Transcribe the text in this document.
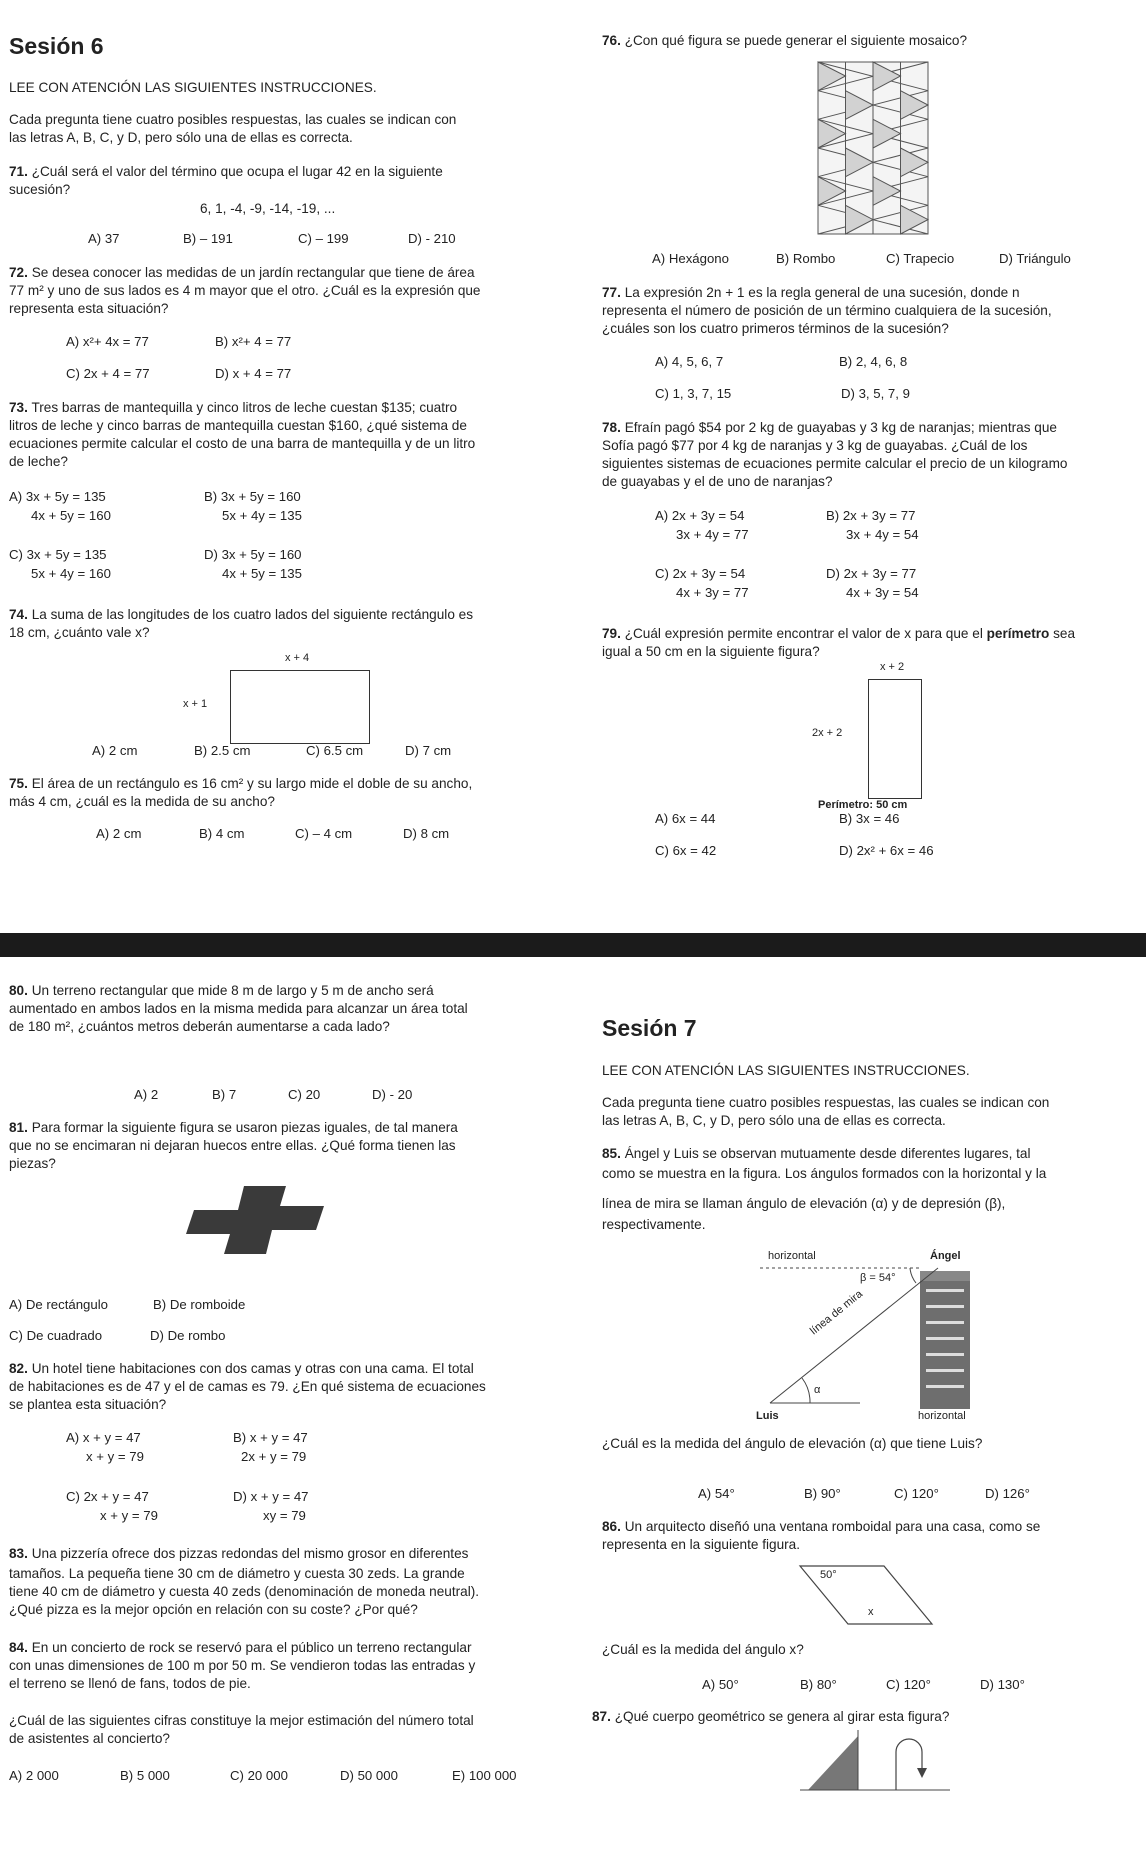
Sesión 6
LEE CON ATENCIÓN LAS SIGUIENTES INSTRUCCIONES.
Cada pregunta tiene cuatro posibles respuestas, las cuales se indican con
las letras A, B, C, y D, pero sólo una de ellas es correcta.
71. ¿Cuál será el valor del término que ocupa el lugar 42 en la siguiente
sucesión?
6, 1, -4, -9, -14, -19, ...
A) 37	B) – 191	C) – 199	D) - 210
72. Se desea conocer las medidas de un jardín rectangular que tiene de área
77 m² y uno de sus lados es 4 m mayor que el otro. ¿Cuál es la expresión que
representa esta situación?
A) x²+ 4x = 77	B) x²+ 4 = 77
C) 2x + 4 = 77	D) x + 4 = 77
73. Tres barras de mantequilla y cinco litros de leche cuestan $135; cuatro
litros de leche y cinco barras de mantequilla cuestan $160, ¿qué sistema de
ecuaciones permite calcular el costo de una barra de mantequilla y de un litro
de leche?
A) 3x + 5y = 135
4x + 5y = 160
B) 3x + 5y = 160
5x + 4y = 135
C) 3x + 5y = 135
5x + 4y = 160
D) 3x + 5y = 160
4x + 5y = 135
74. La suma de las longitudes de los cuatro lados del siguiente rectángulo es
18 cm, ¿cuánto vale x?
x + 4
x + 1
A) 2 cm	B) 2.5 cm	C) 6.5 cm	D) 7 cm
75. El área de un rectángulo es 16 cm² y su largo mide el doble de su ancho,
más 4 cm, ¿cuál es la medida de su ancho?
A) 2 cm	B) 4 cm	C) – 4 cm	D) 8 cm
76. ¿Con qué figura se puede generar el siguiente mosaico?
A) Hexágono	B) Rombo	C) Trapecio	D) Triángulo
77. La expresión 2n + 1 es la regla general de una sucesión, donde n
representa el número de posición de un término cualquiera de la sucesión,
¿cuáles son los cuatro primeros términos de la sucesión?
A) 4, 5, 6, 7	B) 2, 4, 6, 8
C) 1, 3, 7, 15	D) 3, 5, 7, 9
78. Efraín pagó $54 por 2 kg de guayabas y 3 kg de naranjas; mientras que
Sofía pagó $77 por 4 kg de naranjas y 3 kg de guayabas. ¿Cuál de los
siguientes sistemas de ecuaciones permite calcular el precio de un kilogramo
de guayabas y el de uno de naranjas?
A) 2x + 3y = 54
3x + 4y = 77
B) 2x + 3y = 77
3x + 4y = 54
C) 2x + 3y = 54
4x + 3y = 77
D) 2x + 3y = 77
4x + 3y = 54
79. ¿Cuál expresión permite encontrar el valor de x para que el perímetro sea
igual a 50 cm en la siguiente figura?
x + 2
2x + 2
Perímetro: 50 cm
A) 6x = 44	B) 3x = 46
C) 6x = 42	D) 2x² + 6x = 46
80. Un terreno rectangular que mide 8 m de largo y 5 m de ancho será
aumentado en ambos lados en la misma medida para alcanzar un área total
de 180 m², ¿cuántos metros deberán aumentarse a cada lado?
A) 2	B) 7	C) 20	D) - 20
81. Para formar la siguiente figura se usaron piezas iguales, de tal manera
que no se encimaran ni dejaran huecos entre ellas. ¿Qué forma tienen las
piezas?
A) De rectángulo	B) De romboide
C) De cuadrado	D) De rombo
82. Un hotel tiene habitaciones con dos camas y otras con una cama. El total
de habitaciones es de 47 y el de camas es 79. ¿En qué sistema de ecuaciones
se plantea esta situación?
A) x + y = 47
x + y = 79
B) x + y = 47
2x + y = 79
C) 2x + y = 47
x + y = 79
D) x + y = 47
xy = 79
83. Una pizzería ofrece dos pizzas redondas del mismo grosor en diferentes
tamaños. La pequeña tiene 30 cm de diámetro y cuesta 30 zeds. La grande
tiene 40 cm de diámetro y cuesta 40 zeds (denominación de moneda neutral).
¿Qué pizza es la mejor opción en relación con su coste? ¿Por qué?
84. En un concierto de rock se reservó para el público un terreno rectangular
con unas dimensiones de 100 m por 50 m. Se vendieron todas las entradas y
el terreno se llenó de fans, todos de pie.
¿Cuál de las siguientes cifras constituye la mejor estimación del número total
de asistentes al concierto?
A) 2 000	B) 5 000	C) 20 000	D) 50 000	E) 100 000
Sesión 7
LEE CON ATENCIÓN LAS SIGUIENTES INSTRUCCIONES.
Cada pregunta tiene cuatro posibles respuestas, las cuales se indican con
las letras A, B, C, y D, pero sólo una de ellas es correcta.
85. Ángel y Luis se observan mutuamente desde diferentes lugares, tal
como se muestra en la figura. Los ángulos formados con la horizontal y la
línea de mira se llaman ángulo de elevación (α) y de depresión (β),
respectivamente.
horizontal	Ángel
β = 54°
línea de mira
α
Luis	horizontal
¿Cuál es la medida del ángulo de elevación (α) que tiene Luis?
A) 54°	B) 90°	C) 120°	D) 126°
86. Un arquitecto diseñó una ventana romboidal para una casa, como se
representa en la siguiente figura.
50°
x
¿Cuál es la medida del ángulo x?
A) 50°	B) 80°	C) 120°	D) 130°
87. ¿Qué cuerpo geométrico se genera al girar esta figura?
